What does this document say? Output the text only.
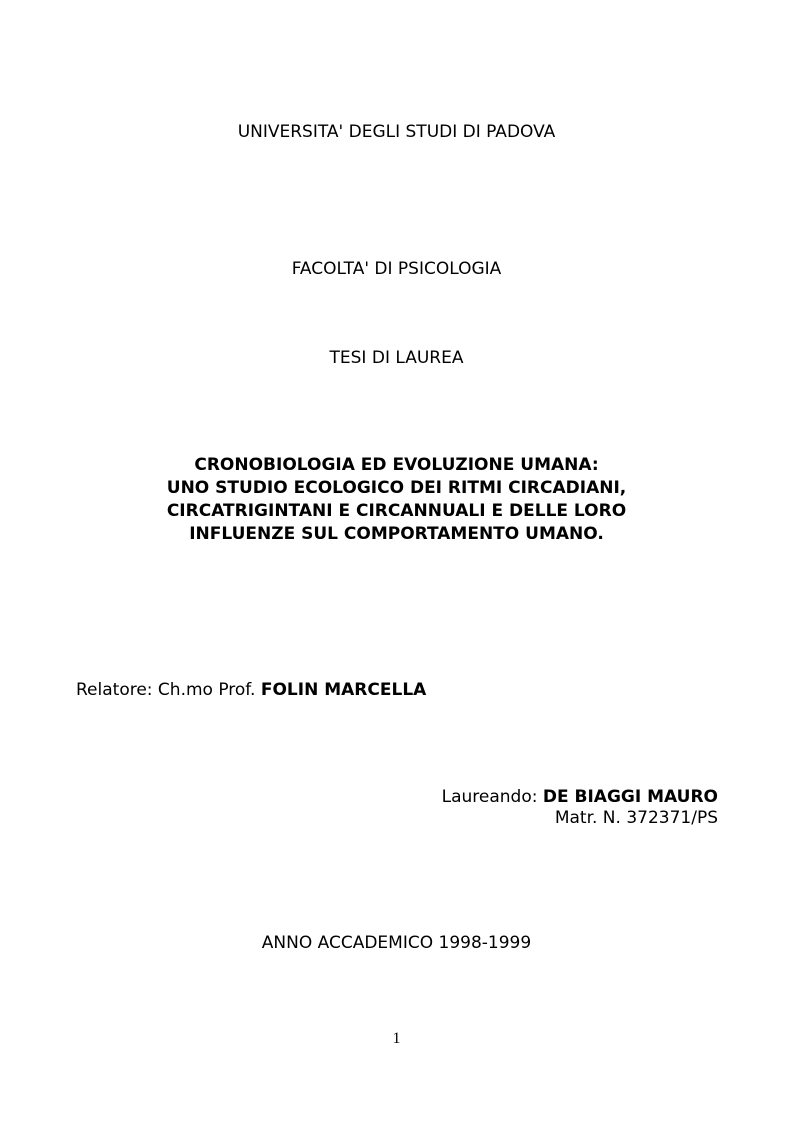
UNIVERSITA' DEGLI STUDI DI PADOVA
FACOLTA' DI PSICOLOGIA
TESI DI LAUREA
CRONOBIOLOGIA ED EVOLUZIONE UMANA:
UNO STUDIO ECOLOGICO DEI RITMI CIRCADIANI,
CIRCATRIGINTANI E CIRCANNUALI E DELLE LORO
INFLUENZE SUL COMPORTAMENTO UMANO.
Relatore: Ch.mo Prof. FOLIN MARCELLA
Laureando: DE BIAGGI MAURO
Matr. N. 372371/PS
ANNO ACCADEMICO 1998-1999
1
